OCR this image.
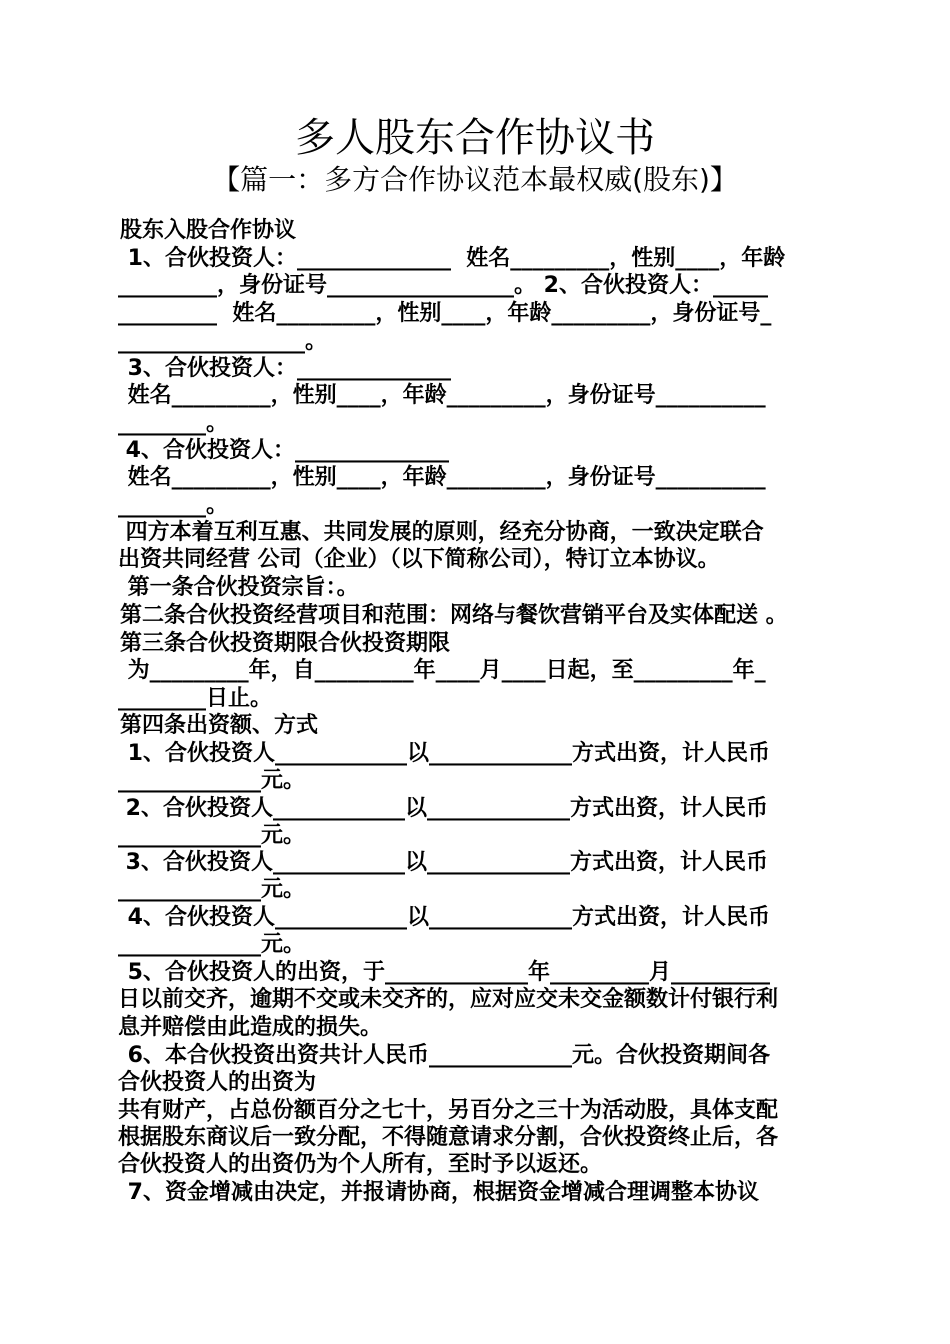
多人股东合作协议书
【篇一：多方合作协议范本最权威(股东)】
股东入股合作协议
1、合伙投资人：______________  姓名_________，性别____，年龄
_________，身份证号_________________。 2、合伙投资人：_____
_________  姓名_________，性别____，年龄_________，身份证号_
_________________。
3、合伙投资人：______________
姓名_________，性别____，年龄_________，身份证号__________
________。
4、合伙投资人：______________
姓名_________，性别____，年龄_________，身份证号__________
________。
四方本着互利互惠、共同发展的原则，经充分协商，一致决定联合
出资共同经营 公司（企业）（以下简称公司），特订立本协议。
第一条合伙投资宗旨：。
第二条合伙投资经营项目和范围：网络与餐饮营销平台及实体配送 。
第三条合伙投资期限合伙投资期限
为_________年，自_________年____月____日起，至_________年_
________日止。
第四条出资额、方式
1、合伙投资人____________以_____________方式出资，计人民币
_____________元。
2、合伙投资人____________以_____________方式出资，计人民币
_____________元。
3、合伙投资人____________以_____________方式出资，计人民币
_____________元。
4、合伙投资人____________以_____________方式出资，计人民币
_____________元。
5、合伙投资人的出资，于_____________年_________月_________
日以前交齐，逾期不交或未交齐的，应对应交未交金额数计付银行利
息并赔偿由此造成的损失。
6、本合伙投资出资共计人民币_____________元。合伙投资期间各
合伙投资人的出资为
共有财产，占总份额百分之七十，另百分之三十为活动股，具体支配
根据股东商议后一致分配，不得随意请求分割，合伙投资终止后，各
合伙投资人的出资仍为个人所有，至时予以返还。
7、资金增减由决定，并报请协商，根据资金增减合理调整本协议
